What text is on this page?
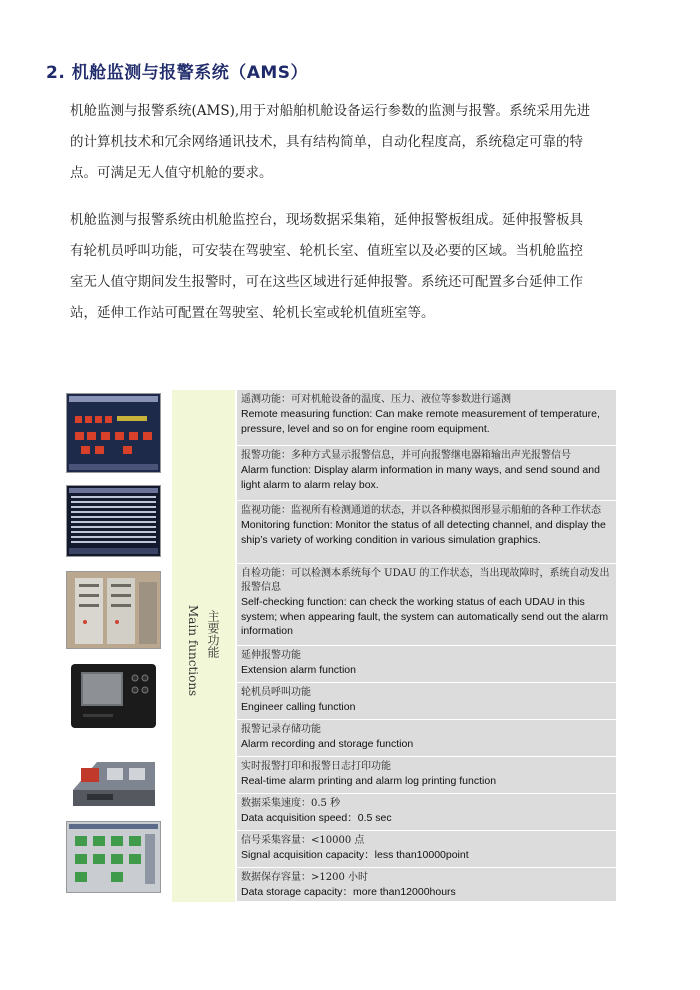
2. 机舱监测与报警系统（AMS）
机舱监测与报警系统(AMS),用于对船舶机舱设备运行参数的监测与报警。系统采用先进
的计算机技术和冗余网络通讯技术，具有结构简单，自动化程度高，系统稳定可靠的特
点。可满足无人值守机舱的要求。
机舱监测与报警系统由机舱监控台，现场数据采集箱，延伸报警板组成。延伸报警板具
有轮机员呼叫功能，可安装在驾驶室、轮机长室、值班室以及必要的区域。当机舱监控
室无人值守期间发生报警时，可在这些区域进行延伸报警。系统还可配置多台延伸工作
站，延伸工作站可配置在驾驶室、轮机长室或轮机值班室等。
主要功能
Main functions
遥测功能：可对机舱设备的温度、压力、液位等参数进行遥测
Remote measuring function: Can make remote measurement of temperature, pressure, level and so on for engine room equipment.
报警功能：多种方式显示报警信息，并可向报警继电器箱输出声光报警信号
Alarm function: Display alarm information in many ways, and send sound and light alarm to alarm relay box.
监视功能：监视所有检测通道的状态，并以各种模拟图形显示船舶的各种工作状态
Monitoring function: Monitor the status of all detecting channel, and display the ship’s variety of working condition in various simulation graphics.
自检功能：可以检测本系统每个 UDAU 的工作状态，当出现故障时，系统自动发出报警信息
Self-checking function: can check the working status of each UDAU in this system; when appearing fault, the system can automatically send out the alarm information
延伸报警功能
Extension alarm function
轮机员呼叫功能
Engineer calling function
报警记录存储功能
Alarm recording and storage function
实时报警打印和报警日志打印功能
Real-time alarm printing and alarm log printing function
数据采集速度：0.5 秒
Data acquisition speed：0.5 sec
信号采集容量：<10000 点
Signal acquisition capacity：less than10000point
数据保存容量：>1200 小时
Data storage capacity：more than12000hours
